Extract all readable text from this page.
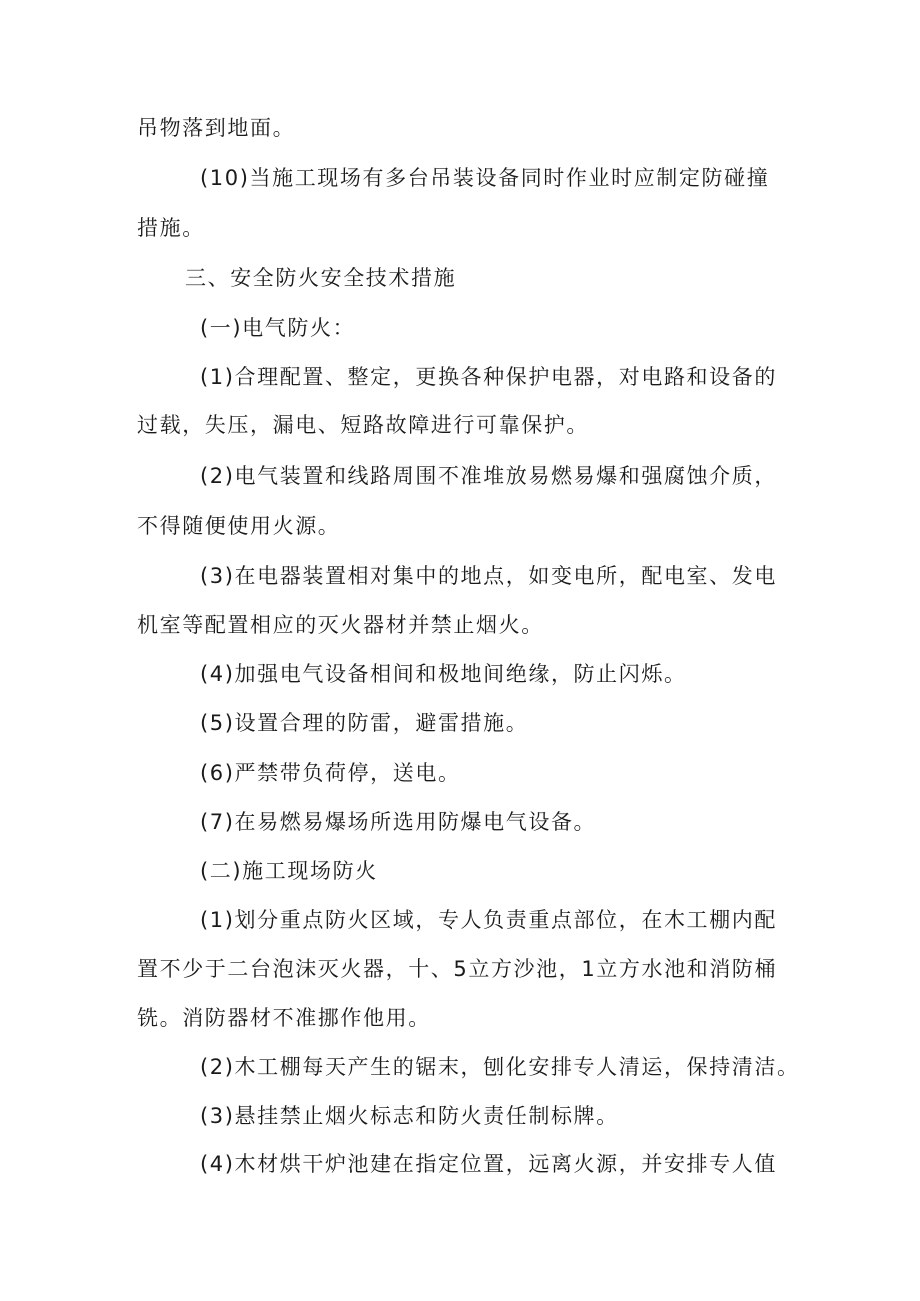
吊物落到地面。
(10)当施工现场有多台吊装设备同时作业时应制定防碰撞
措施。
三、安全防火安全技术措施
(一)电气防火：
(1)合理配置、整定，更换各种保护电器，对电路和设备的
过载，失压，漏电、短路故障进行可靠保护。
(2)电气装置和线路周围不准堆放易燃易爆和强腐蚀介质，
不得随便使用火源。
(3)在电器装置相对集中的地点，如变电所，配电室、发电
机室等配置相应的灭火器材并禁止烟火。
(4)加强电气设备相间和极地间绝缘，防止闪烁。
(5)设置合理的防雷，避雷措施。
(6)严禁带负荷停，送电。
(7)在易燃易爆场所选用防爆电气设备。
(二)施工现场防火
(1)划分重点防火区域，专人负责重点部位，在木工棚内配
置不少于二台泡沫灭火器，十、5立方沙池，1立方水池和消防桶
铣。消防器材不准挪作他用。
(2)木工棚每天产生的锯末，刨化安排专人清运，保持清洁。
(3)悬挂禁止烟火标志和防火责任制标牌。
(4)木材烘干炉池建在指定位置，远离火源，并安排专人值
